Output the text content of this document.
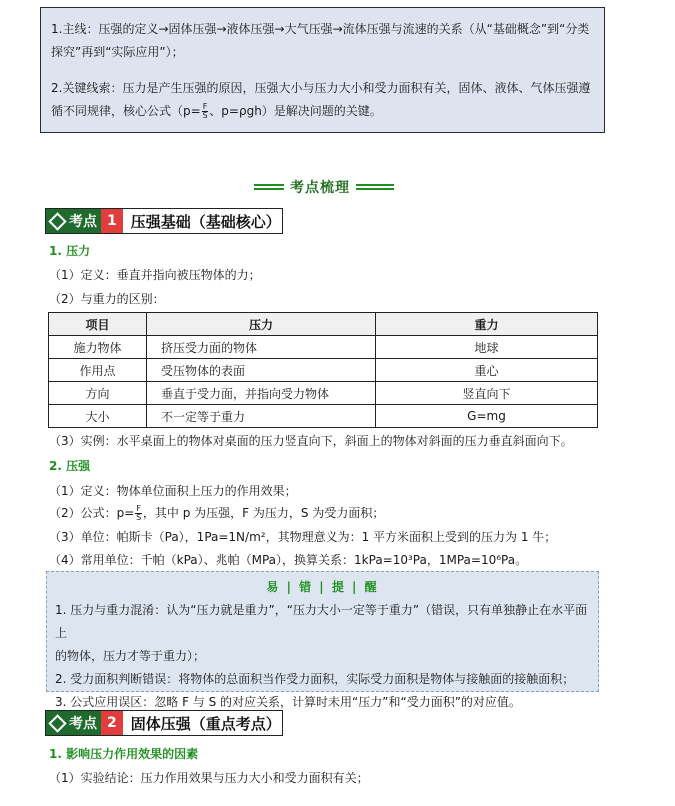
1.主线：压强的定义→固体压强→液体压强→大气压强→流体压强与流速的关系（从“基础概念”到“分类探究”再到“实际应用”）；

2.关键线索：压力是产生压强的原因，压强大小与压力大小和受力面积有关，固体、液体、气体压强遵循不同规律，核心公式（$p= \frac{F}{S}$ 、p=ρgh）是解决问题的关键。

考点梳理
考点 1 压强基础（基础核心）
1. 压力
（1）定义：垂直并指向被压物体的力；
（2）与重力的区别：
项目	压力	重力
施力物体	挤压受力面的物体	地球
作用点	受压物体的表面	重心
方向	垂直于受力面，并指向受力物体	竖直向下
大小	不一定等于重力	G=mg
（3）实例：水平桌面上的物体对桌面的压力竖直向下，斜面上的物体对斜面的压力垂直斜面向下。
2. 压强
（1）定义：物体单位面积上压力的作用效果；
（2）公式：$p= \frac{F}{S}$ ，其中 p 为压强，F 为压力，S 为受力面积；
（3）单位：帕斯卡（Pa），1Pa=1N/m²，其物理意义为：1 平方米面积上受到的压力为 1 牛；
（4）常用单位：千帕（kPa）、兆帕（MPa），换算关系：1kPa=10³Pa，1MPa=10⁶Pa。
易 | 错 | 提 | 醒
1. 压力与重力混淆：认为“压力就是重力”，“压力大小一定等于重力”（错误，只有单独静止在水平面上
的物体，压力才等于重力）；
2. 受力面积判断错误：将物体的总面积当作受力面积，实际受力面积是物体与接触面的接触面积；
3. 公式应用误区：忽略 F 与 S 的对应关系，计算时未用“压力”和“受力面积”的对应值。
考点 2 固体压强（重点考点）
1. 影响压力作用效果的因素
（1）实验结论：压力作用效果与压力大小和受力面积有关；
